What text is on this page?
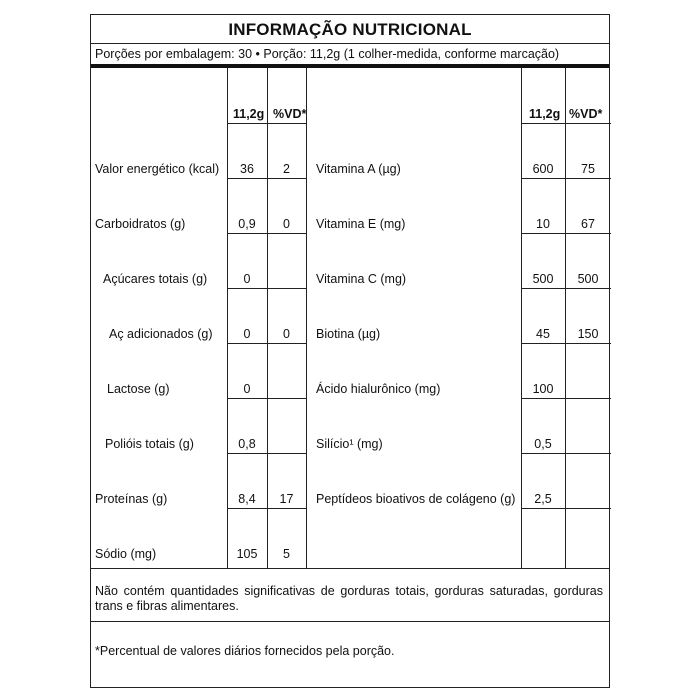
INFORMAÇÃO NUTRICIONAL
Porções por embalagem: 30 • Porção: 11,2g (1 colher-medida, conforme marcação)
11,2g %VD*	11,2g %VD*
Valor energético (kcal)	36	2
Carboidratos (g)	0,9	0
Açúcares totais (g)	0
Aç adicionados (g)	0	0
Lactose (g)	0
Polióis totais (g)	0,8
Proteínas (g)	8,4	17
Sódio (mg)	105	5
Vitamina A (µg)	600	75
Vitamina E (mg)	10	67
Vitamina C (mg)	500	500
Biotina (µg)	45	150
Ácido hialurônico (mg)	100
Silício¹ (mg)	0,5
Peptídeos bioativos de colágeno (g)	2,5
Não contém quantidades significativas de gorduras totais, gorduras saturadas, gorduras trans e fibras alimentares.
*Percentual de valores diários fornecidos pela porção.
